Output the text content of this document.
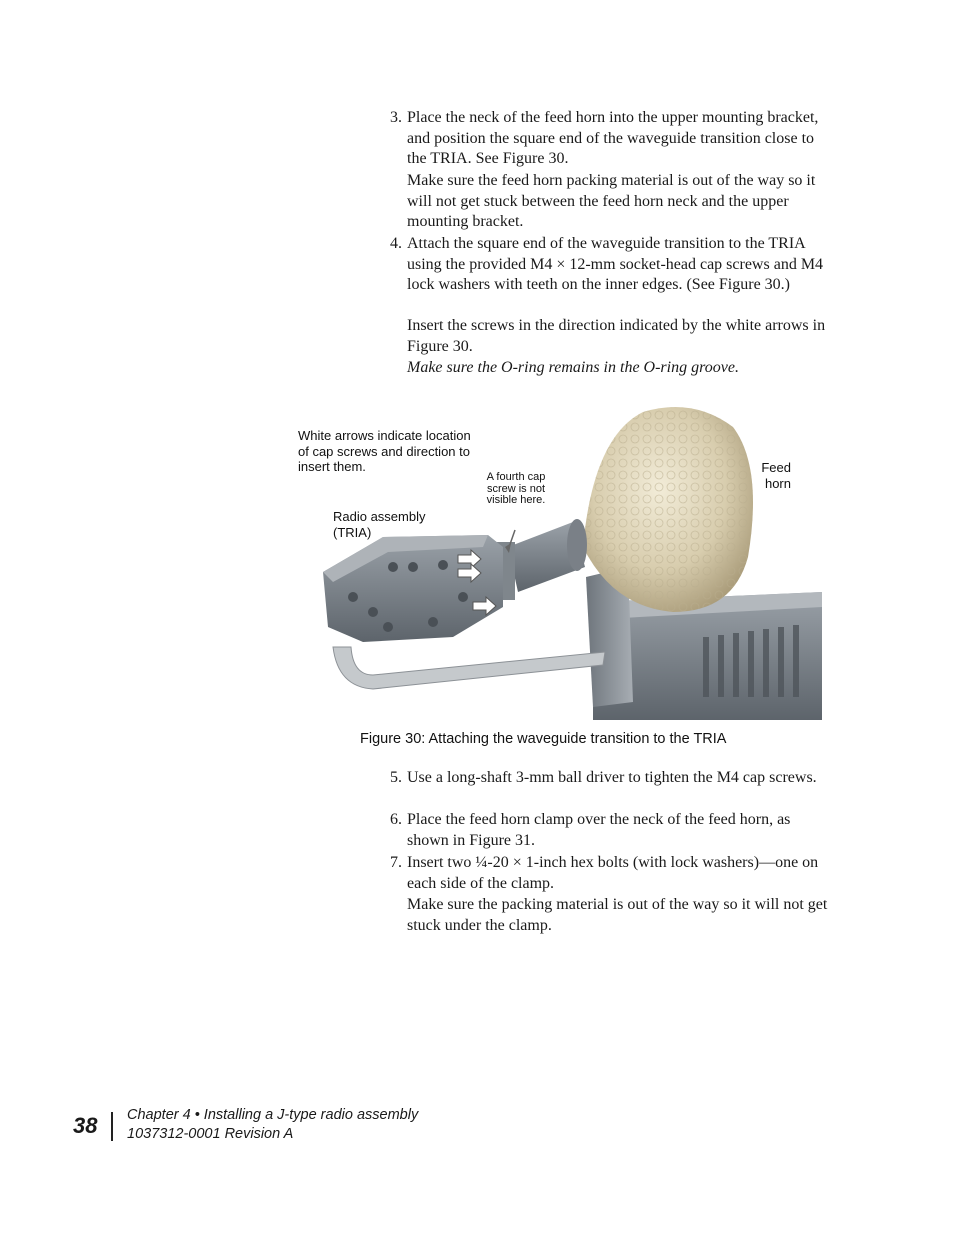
3. Place the neck of the feed horn into the upper mounting bracket, and position the square end of the waveguide transition close to the TRIA. See Figure 30.
Make sure the feed horn packing material is out of the way so it will not get stuck between the feed horn neck and the upper mounting bracket.
4. Attach the square end of the waveguide transition to the TRIA using the provided M4 × 12-mm socket-head cap screws and M4 lock washers with teeth on the inner edges. (See Figure 30.)
Insert the screws in the direction indicated by the white arrows in Figure 30.
Make sure the O-ring remains in the O-ring groove.
White arrows indicate location of cap screws and direction to insert them.
A fourth cap screw is not visible here.
Radio assembly (TRIA)
Feed horn
Figure 30: Attaching the waveguide transition to the TRIA
5. Use a long-shaft 3-mm ball driver to tighten the M4 cap screws.
6. Place the feed horn clamp over the neck of the feed horn, as shown in Figure 31.
7. Insert two ¼-20 × 1-inch hex bolts (with lock washers)—one on each side of the clamp.
Make sure the packing material is out of the way so it will not get stuck under the clamp.
38 Chapter 4 • Installing a J-type radio assembly
1037312-0001 Revision A
